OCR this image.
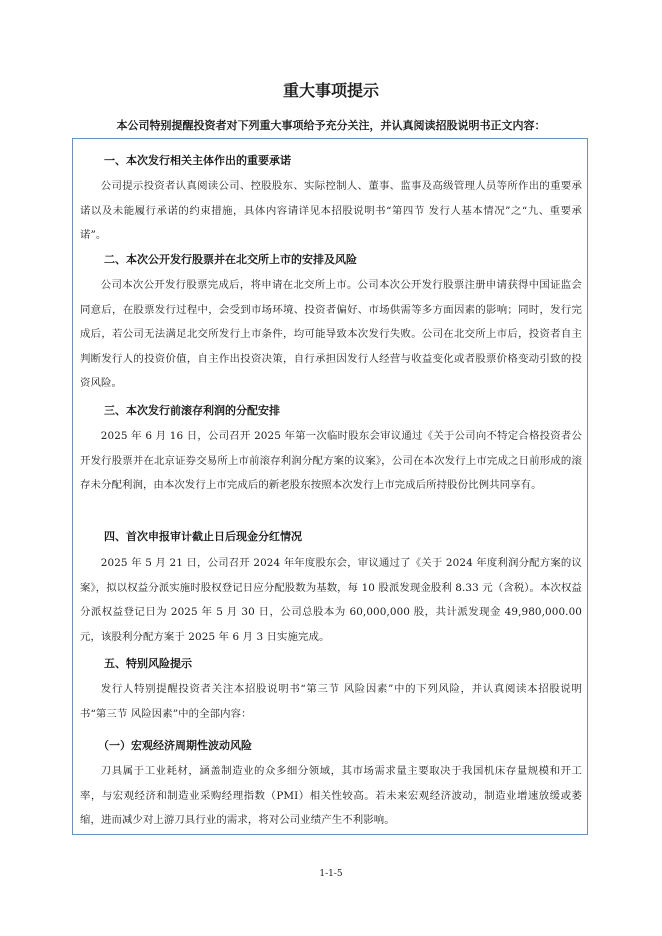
重大事项提示
本公司特别提醒投资者对下列重大事项给予充分关注，并认真阅读招股说明书正文内容：
一、本次发行相关主体作出的重要承诺

公司提示投资者认真阅读公司、控股股东、实际控制人、董事、监事及高级管理人员等所作出的重要承诺以及未能履行承诺的约束措施，具体内容请详见本招股说明书“第四节 发行人基本情况”之“九、重要承诺”。

二、本次公开发行股票并在北交所上市的安排及风险

公司本次公开发行股票完成后，将申请在北交所上市。公司本次公开发行股票注册申请获得中国证监会同意后，在股票发行过程中，会受到市场环境、投资者偏好、市场供需等多方面因素的影响；同时，发行完成后，若公司无法满足北交所发行上市条件，均可能导致本次发行失败。公司在北交所上市后，投资者自主判断发行人的投资价值，自主作出投资决策，自行承担因发行人经营与收益变化或者股票价格变动引致的投资风险。

三、本次发行前滚存利润的分配安排

2025 年 6 月 16 日，公司召开 2025 年第一次临时股东会审议通过《关于公司向不特定合格投资者公开发行股票并在北京证券交易所上市前滚存利润分配方案的议案》，公司在本次发行上市完成之日前形成的滚存未分配利润，由本次发行上市完成后的新老股东按照本次发行上市完成后所持股份比例共同享有。

四、首次申报审计截止日后现金分红情况

2025 年 5 月 21 日，公司召开 2024 年年度股东会，审议通过了《关于 2024 年度利润分配方案的议案》，拟以权益分派实施时股权登记日应分配股数为基数，每 10 股派发现金股利 8.33 元（含税）。本次权益分派权益登记日为 2025 年 5 月 30 日，公司总股本为 60,000,000 股，共计派发现金 49,980,000.00 元，该股利分配方案于 2025 年 6 月 3 日实施完成。

五、特别风险提示

发行人特别提醒投资者关注本招股说明书“第三节 风险因素”中的下列风险，并认真阅读本招股说明书“第三节 风险因素”中的全部内容：

（一）宏观经济周期性波动风险

刀具属于工业耗材，涵盖制造业的众多细分领域，其市场需求量主要取决于我国机床存量规模和开工率，与宏观经济和制造业采购经理指数（PMI）相关性较高。若未来宏观经济波动，制造业增速放缓或萎缩，进而减少对上游刀具行业的需求，将对公司业绩产生不利影响。

1-1-5
